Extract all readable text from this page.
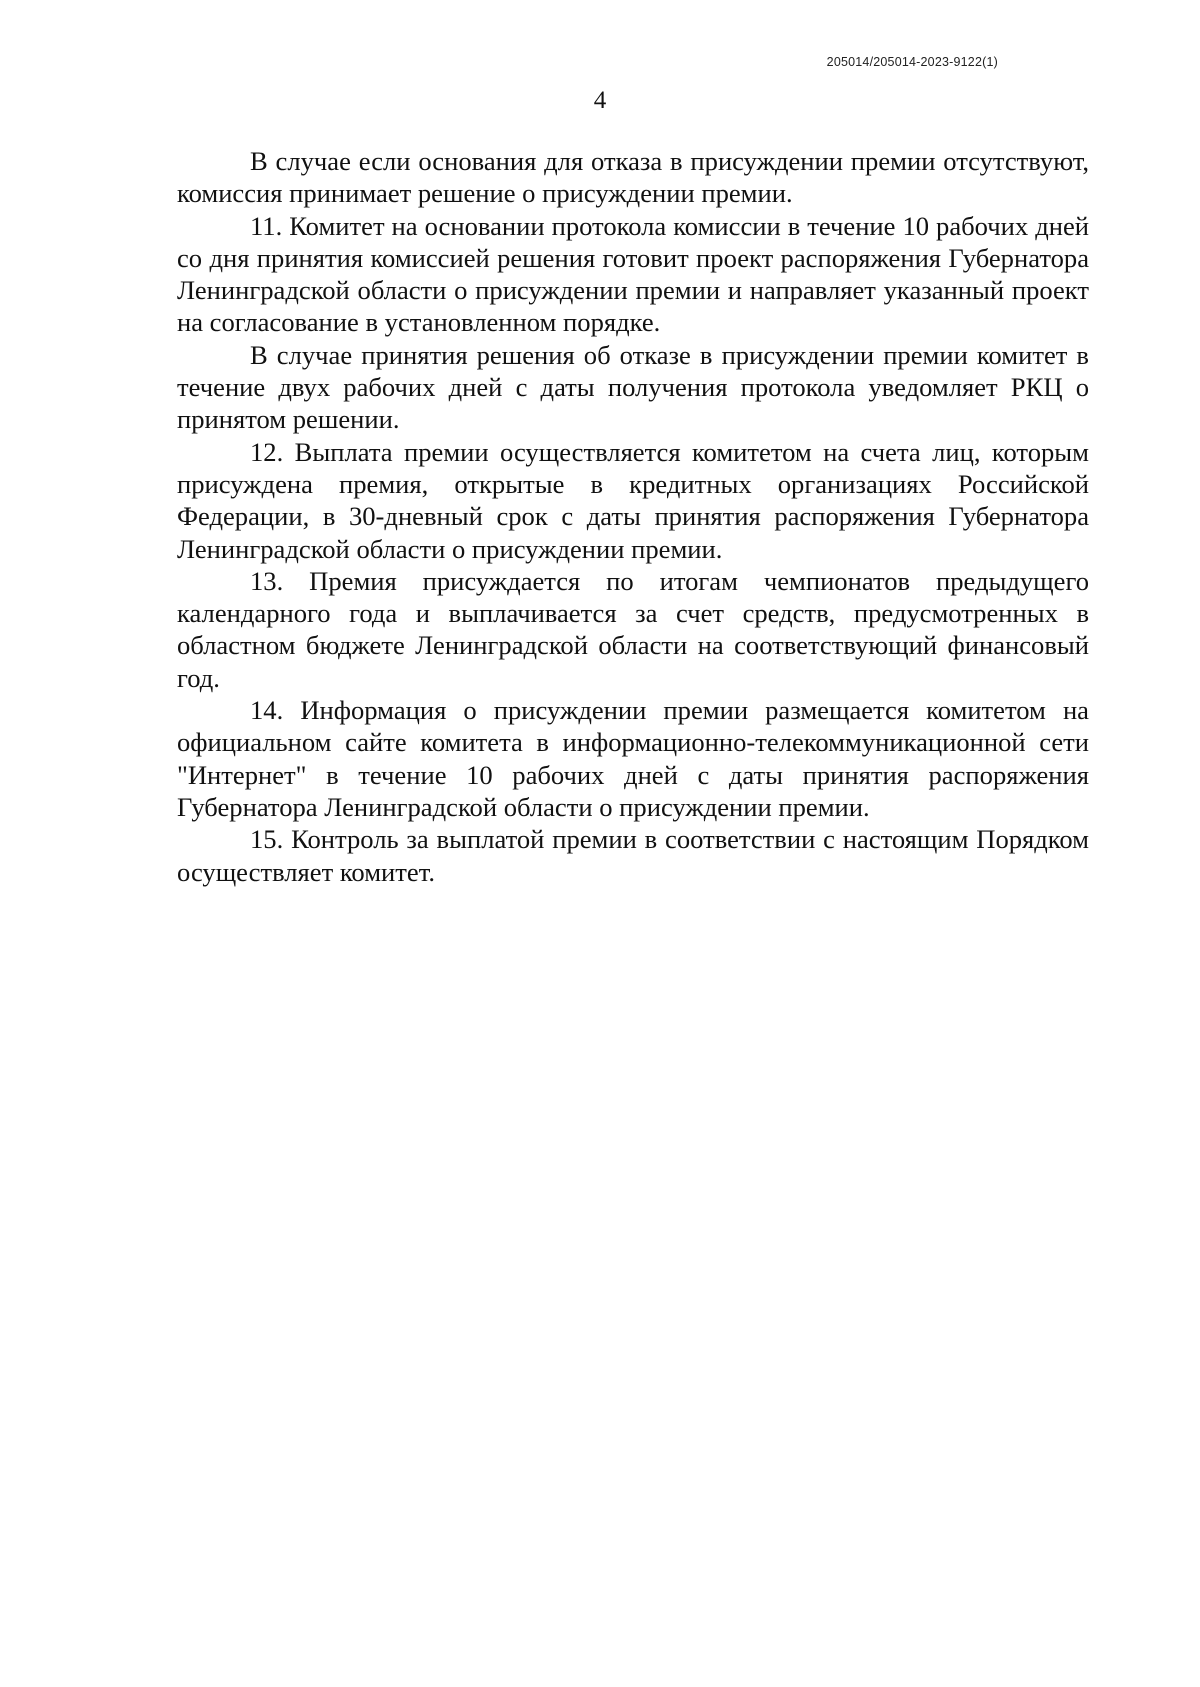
205014/205014-2023-9122(1)
4

В случае если основания для отказа в присуждении премии отсутствуют, комиссия принимает решение о присуждении премии.

11. Комитет на основании протокола комиссии в течение 10 рабочих дней со дня принятия комиссией решения готовит проект распоряжения Губернатора Ленинградской области о присуждении премии и направляет указанный проект на согласование в установленном порядке.

В случае принятия решения об отказе в присуждении премии комитет в течение двух рабочих дней с даты получения протокола уведомляет РКЦ о принятом решении.

12. Выплата премии осуществляется комитетом на счета лиц, которым присуждена премия, открытые в кредитных организациях Российской Федерации, в 30-дневный срок с даты принятия распоряжения Губернатора Ленинградской области о присуждении премии.

13. Премия присуждается по итогам чемпионатов предыдущего календарного года и выплачивается за счет средств, предусмотренных в областном бюджете Ленинградской области на соответствующий финансовый год.

14. Информация о присуждении премии размещается комитетом на официальном сайте комитета в информационно-телекоммуникационной сети "Интернет" в течение 10 рабочих дней с даты принятия распоряжения Губернатора Ленинградской области о присуждении премии.

15. Контроль за выплатой премии в соответствии с настоящим Порядком осуществляет комитет.
